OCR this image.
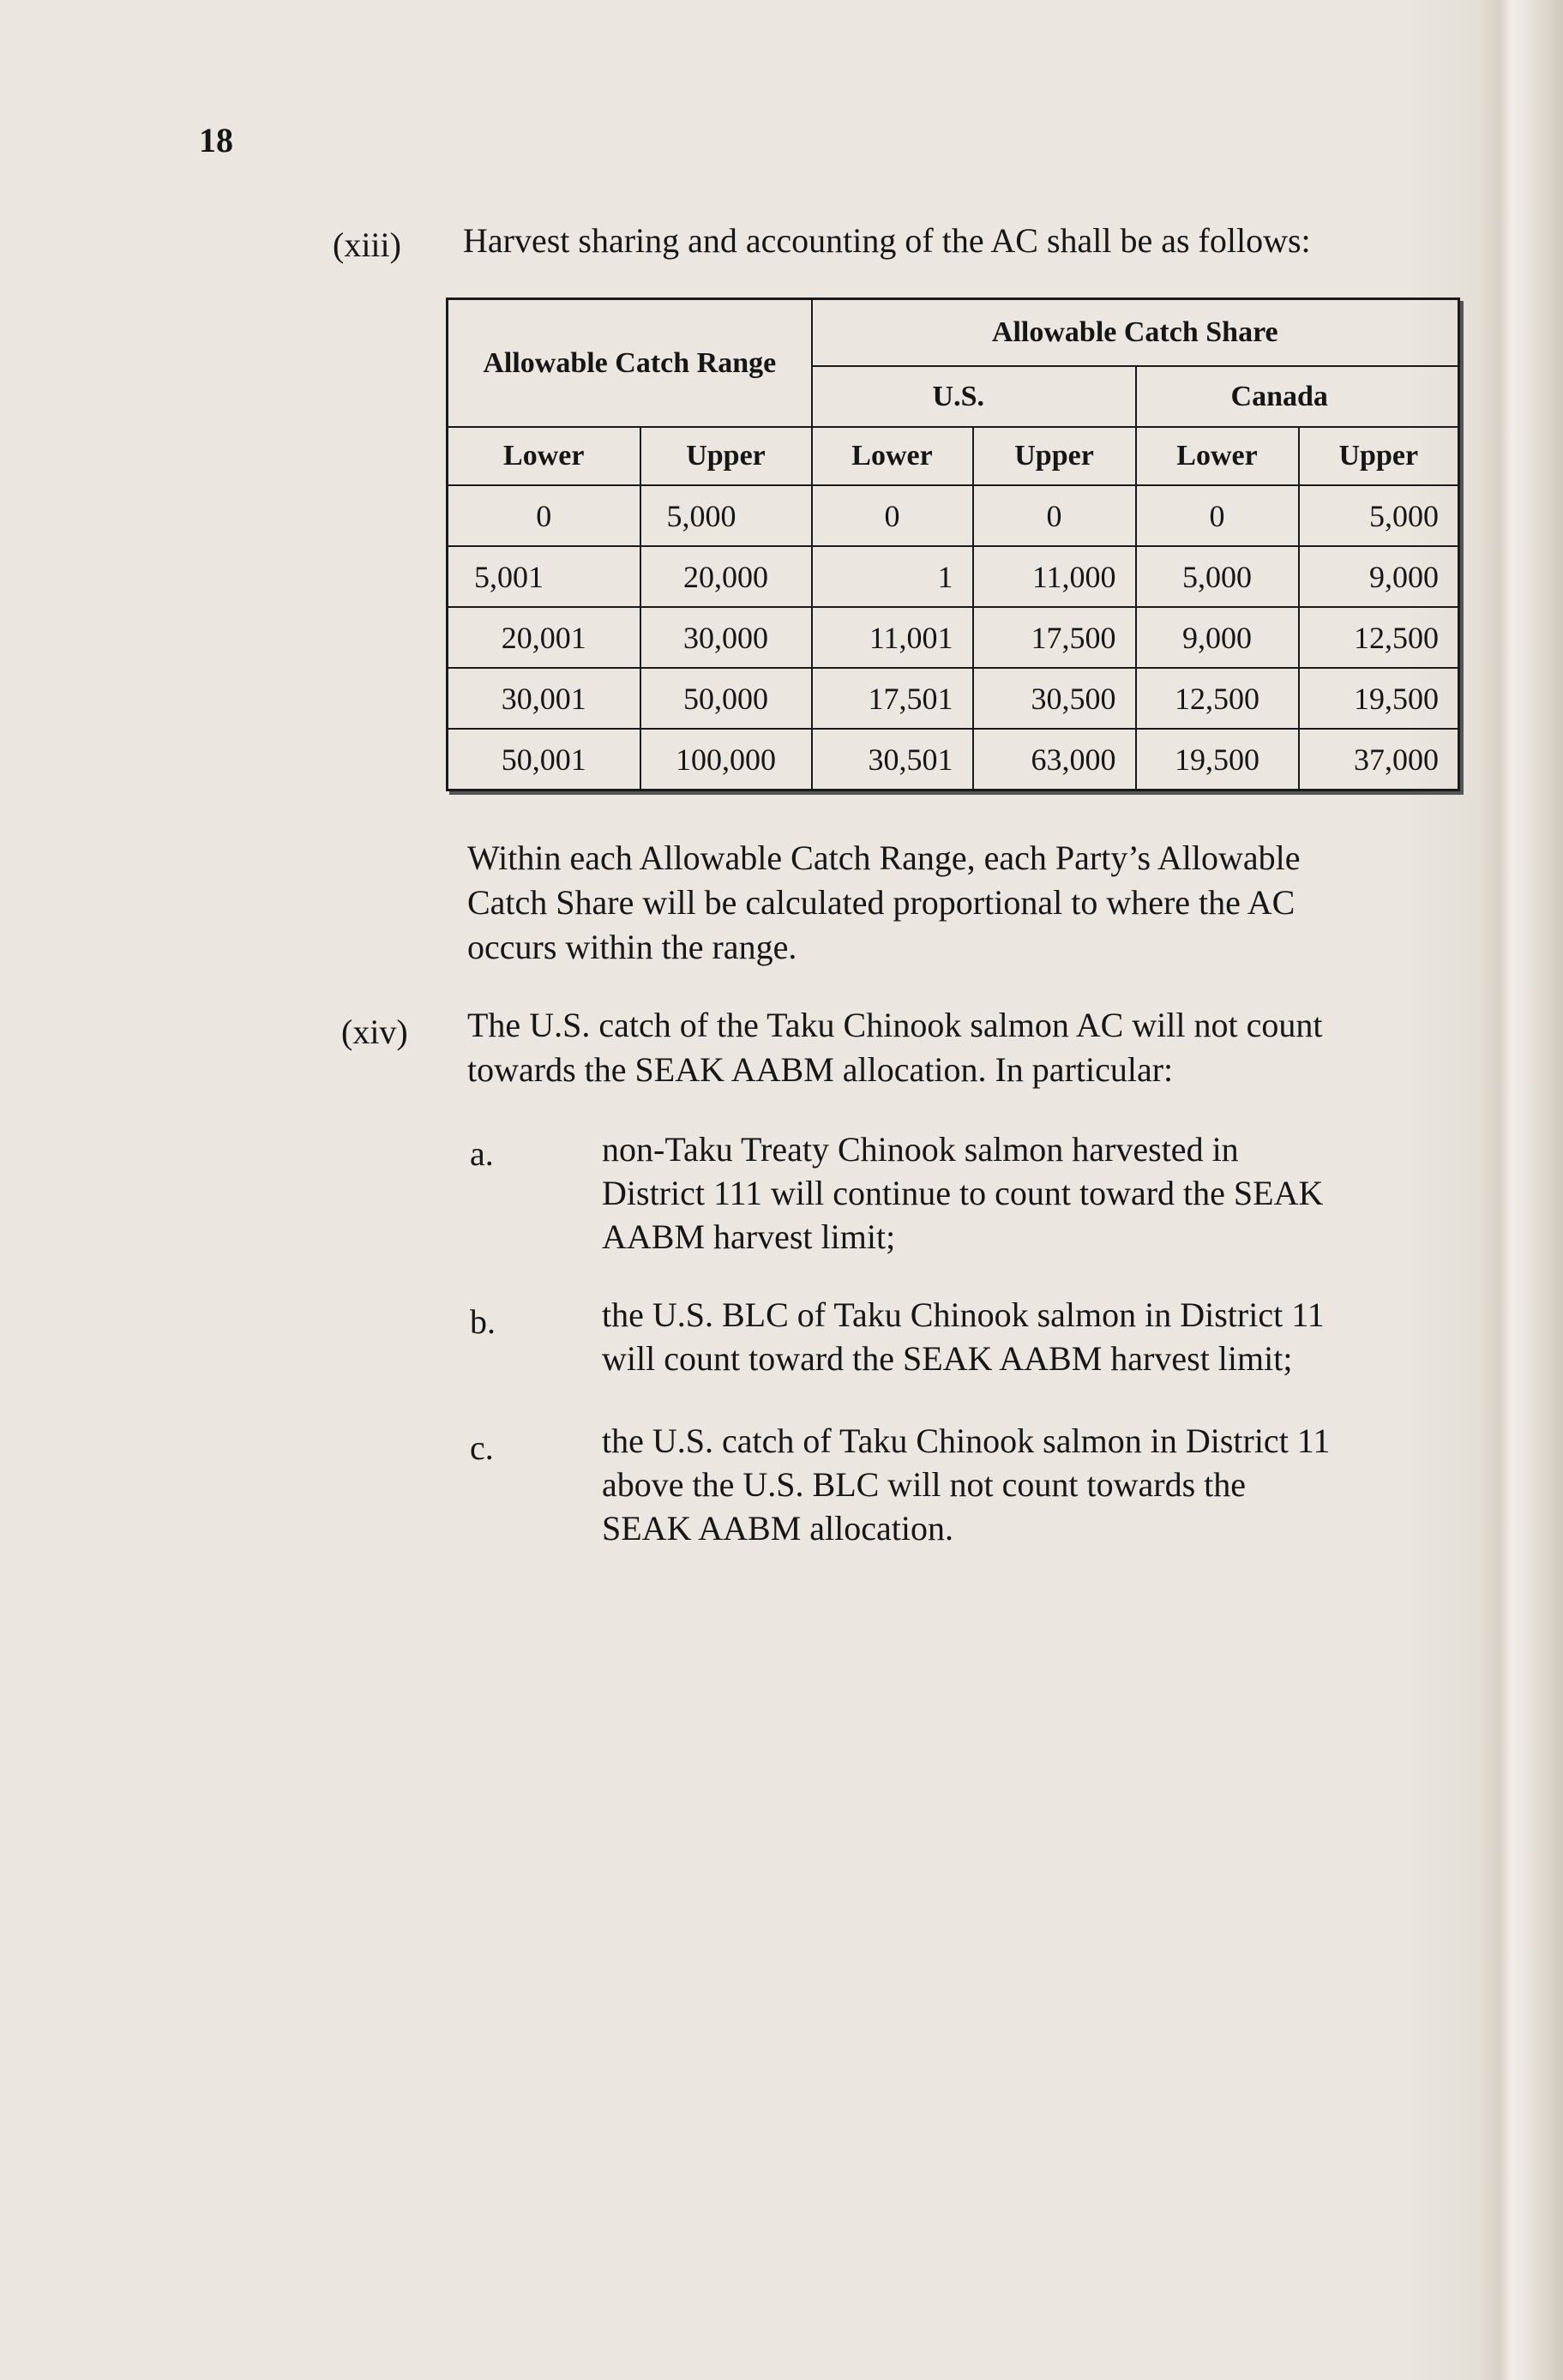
18
(xiii) Harvest sharing and accounting of the AC shall be as follows:
Allowable Catch Range		Allowable Catch Share			
		U.S.		Canada	
Lower	Upper	Lower	Upper	Lower	Upper
0	5,000	0	0	0	5,000
5,001	20,000	1	11,000	5,000	9,000
20,001	30,000	11,001	17,500	9,000	12,500
30,001	50,000	17,501	30,500	12,500	19,500
50,001	100,000	30,501	63,000	19,500	37,000

Within each Allowable Catch Range, each Party’s Allowable

Catch Share will be calculated proportional to where the AC

occurs within the range.

(xiv) The U.S. catch of the Taku Chinook salmon AC will not count

towards the SEAK AABM allocation. In particular:

a.	non-Taku Treaty Chinook salmon harvested in

District 111 will continue to count toward the SEAK

AABM harvest limit;

b.	the U.S. BLC of Taku Chinook salmon in District 11

will count toward the SEAK AABM harvest limit;

c.	the U.S. catch of Taku Chinook salmon in District 11

above the U.S. BLC will not count towards the

SEAK AABM allocation.
